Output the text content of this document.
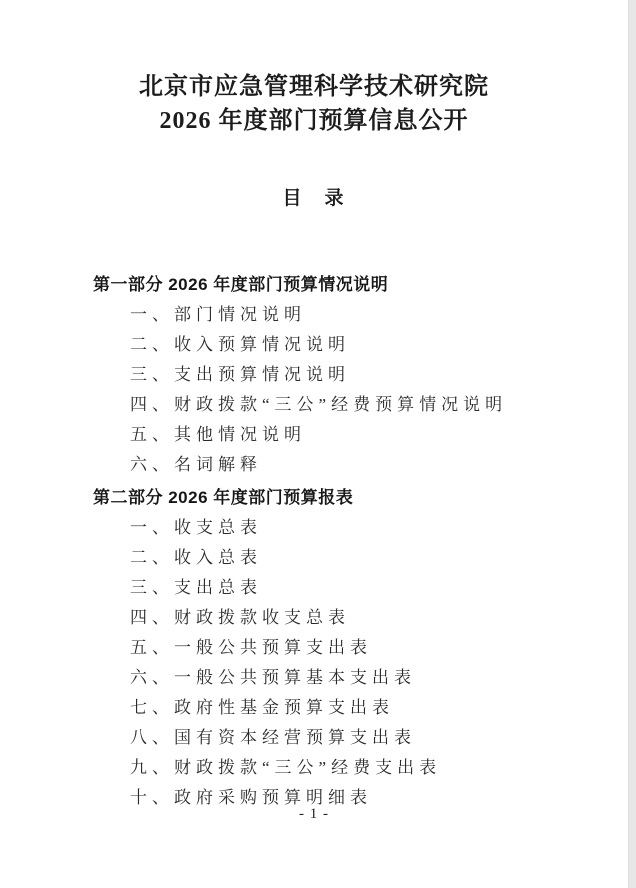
北京市应急管理科学技术研究院
2026 年度部门预算信息公开
目　录
第一部分 2026 年度部门预算情况说明
一、部门情况说明
二、收入预算情况说明
三、支出预算情况说明
四、财政拨款“三公”经费预算情况说明
五、其他情况说明
六、名词解释
第二部分 2026 年度部门预算报表
一、收支总表
二、收入总表
三、支出总表
四、财政拨款收支总表
五、一般公共预算支出表
六、一般公共预算基本支出表
七、政府性基金预算支出表
八、国有资本经营预算支出表
九、财政拨款“三公”经费支出表
十、政府采购预算明细表
- 1 -
